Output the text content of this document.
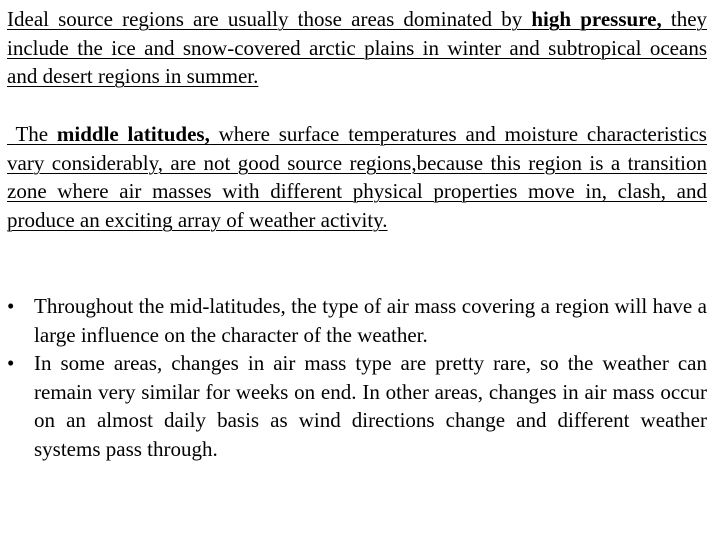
Ideal source regions are usually those areas dominated by high pressure, they include the ice and snow-covered arctic plains in winter and subtropical oceans and desert regions in summer.

The middle latitudes, where surface temperatures and moisture characteristics vary considerably, are not good source regions,because this region is a transition zone where air masses with different physical properties move in, clash, and produce an exciting array of weather activity.

• Throughout the mid-latitudes, the type of air mass covering a region will have a large influence on the character of the weather.
• In some areas, changes in air mass type are pretty rare, so the weather can remain very similar for weeks on end. In other areas, changes in air mass occur on an almost daily basis as wind directions change and different weather systems pass through.
